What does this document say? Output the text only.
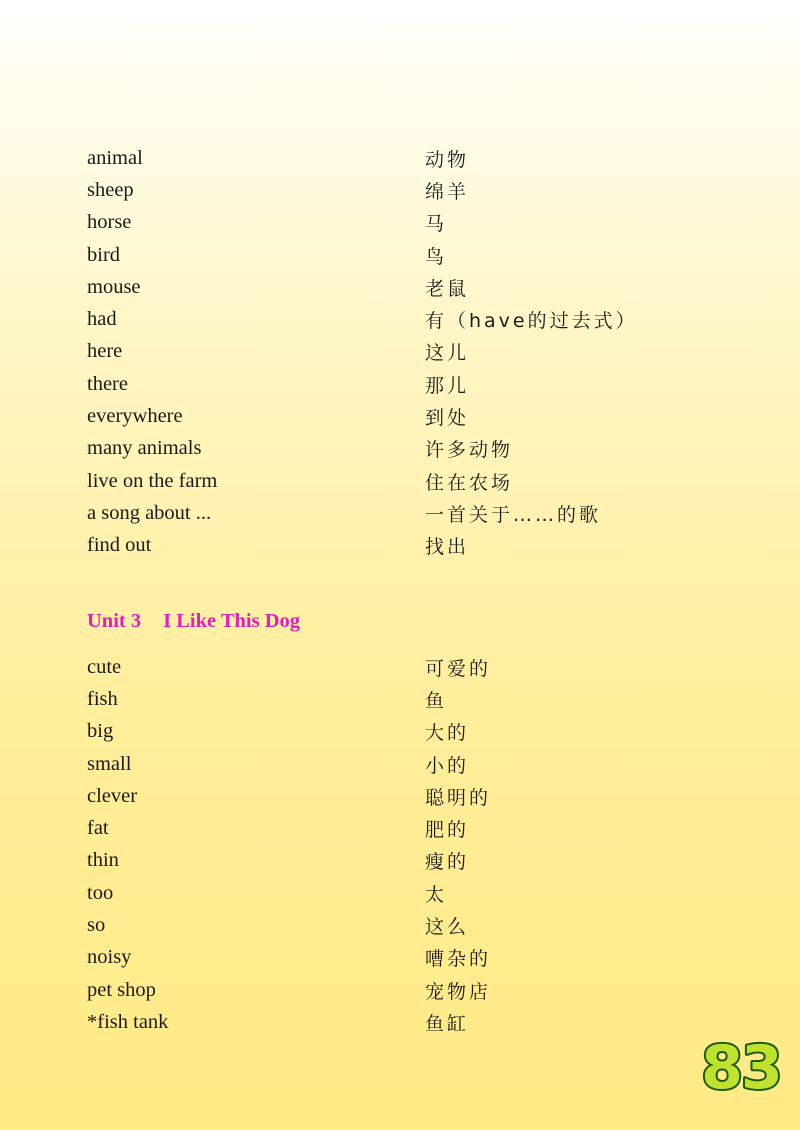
animal	动物
sheep	绵羊
horse	马
bird	鸟
mouse	老鼠
had	有（have的过去式）
here	这儿
there	那儿
everywhere	到处
many animals	许多动物
live on the farm	住在农场
a song about ...	一首关于……的歌
find out	找出
Unit 3 I Like This Dog
cute	可爱的
fish	鱼
big	大的
small	小的
clever	聪明的
fat	肥的
thin	瘦的
too	太
so	这么
noisy	嘈杂的
pet shop	宠物店
*fish tank	鱼缸
83
